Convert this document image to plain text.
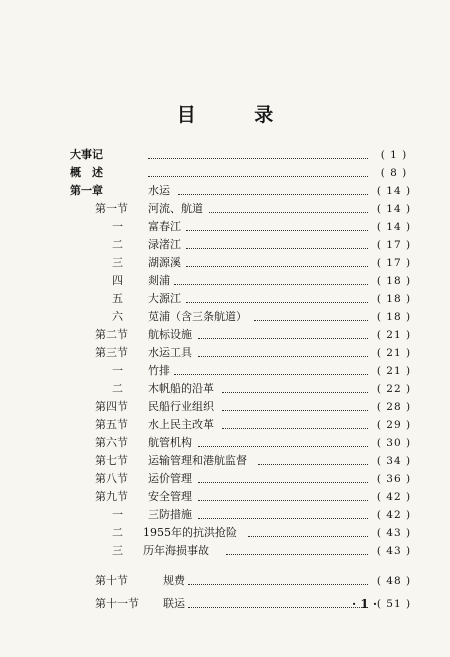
目 录
大事记	( 1 )
概　述	( 8 )
第一章	水运	( 14 )
第一节 河流、航道	( 14 )
一 富春江	( 14 )
二 渌渚江	( 17 )
三 湖源溪	( 17 )
四 剡浦	( 18 )
五 大源江	( 18 )
六 苋浦（含三条航道）	( 18 )
第二节 航标设施	( 21 )
第三节 水运工具	( 21 )
一 竹排	( 21 )
二 木帆船的沿革	( 22 )
第四节 民船行业组织	( 28 )
第五节 水上民主改革	( 29 )
第六节 航管机构	( 30 )
第七节 运输管理和港航监督	( 34 )
第八节 运价管理	( 36 )
第九节 安全管理	( 42 )
一 三防措施	( 42 )
二 1955年的抗洪抢险	( 43 )
三 历年海损事故	( 43 )
第十节	规费	( 48 )
第十一节 联运	( 51 )
· 1 ·
